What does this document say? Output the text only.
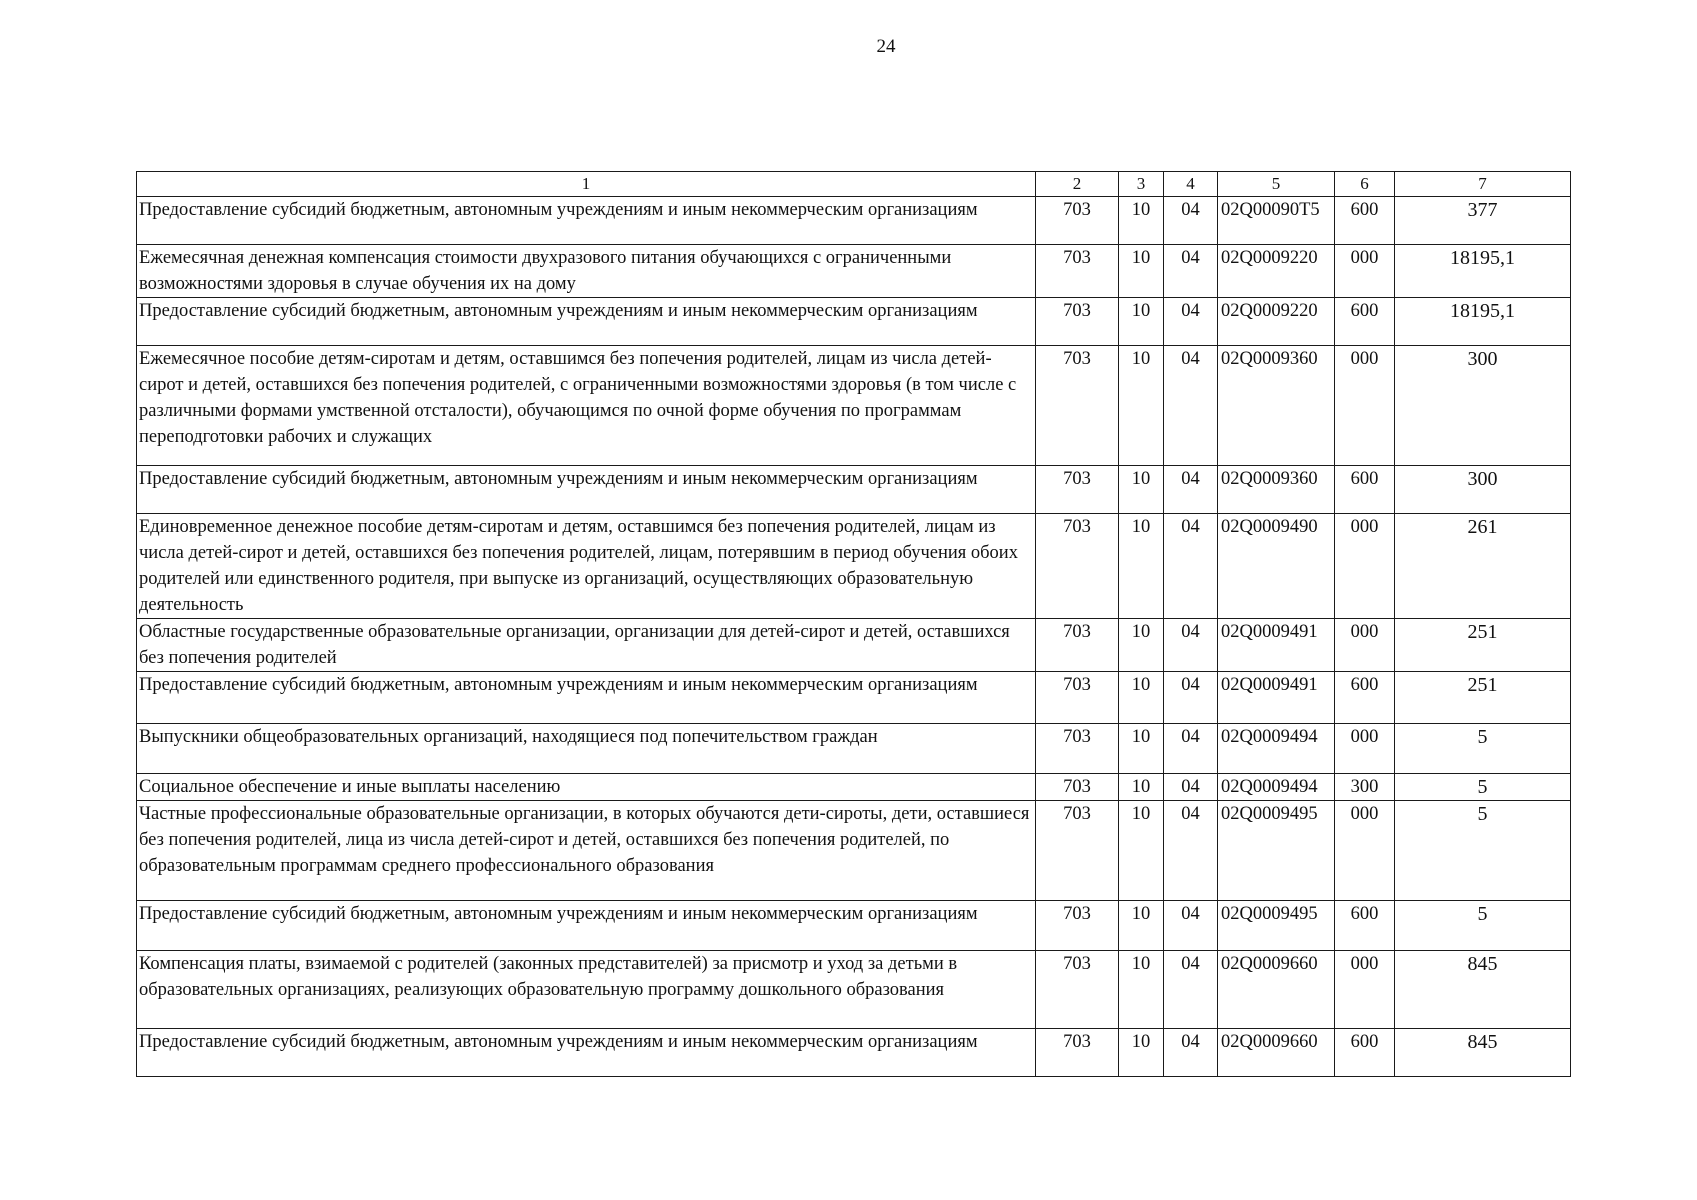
24
1	2	3	4	5	6	7
Предоставление субсидий бюджетным, автономным учреждениям и иным некоммерческим организациям	703	10	04	02Q00090T5	600	377
Ежемесячная денежная компенсация стоимости двухразового питания обучающихся с ограниченными возможностями здоровья в случае обучения их на дому	703	10	04	02Q0009220	000	18195,1
Предоставление субсидий бюджетным, автономным учреждениям и иным некоммерческим организациям	703	10	04	02Q0009220	600	18195,1
Ежемесячное пособие детям-сиротам и детям, оставшимся без попечения родителей, лицам из числа детей-сирот и детей, оставшихся без попечения родителей, с ограниченными возможностями здоровья (в том числе с различными формами умственной отсталости), обучающимся по очной форме обучения по программам переподготовки рабочих и служащих	703	10	04	02Q0009360	000	300
Предоставление субсидий бюджетным, автономным учреждениям и иным некоммерческим организациям	703	10	04	02Q0009360	600	300
Единовременное денежное пособие детям-сиротам и детям, оставшимся без попечения родителей, лицам из числа детей-сирот и детей, оставшихся без попечения родителей, лицам, потерявшим в период обучения обоих родителей или единственного родителя, при выпуске из организаций, осуществляющих образовательную деятельность	703	10	04	02Q0009490	000	261
Областные государственные образовательные организации, организации для детей-сирот и детей, оставшихся без попечения родителей	703	10	04	02Q0009491	000	251
Предоставление субсидий бюджетным, автономным учреждениям и иным некоммерческим организациям	703	10	04	02Q0009491	600	251
Выпускники общеобразовательных организаций, находящиеся под попечительством граждан	703	10	04	02Q0009494	000	5
Социальное обеспечение и иные выплаты населению	703	10	04	02Q0009494	300	5
Частные профессиональные образовательные организации, в которых обучаются дети-сироты, дети, оставшиеся без попечения родителей, лица из числа детей-сирот и детей, оставшихся без попечения родителей, по образовательным программам среднего профессионального образования	703	10	04	02Q0009495	000	5
Предоставление субсидий бюджетным, автономным учреждениям и иным некоммерческим организациям	703	10	04	02Q0009495	600	5
Компенсация платы, взимаемой с родителей (законных представителей) за присмотр и уход за детьми в образовательных организациях, реализующих образовательную программу дошкольного образования	703	10	04	02Q0009660	000	845
Предоставление субсидий бюджетным, автономным учреждениям и иным некоммерческим организациям	703	10	04	02Q0009660	600	845
